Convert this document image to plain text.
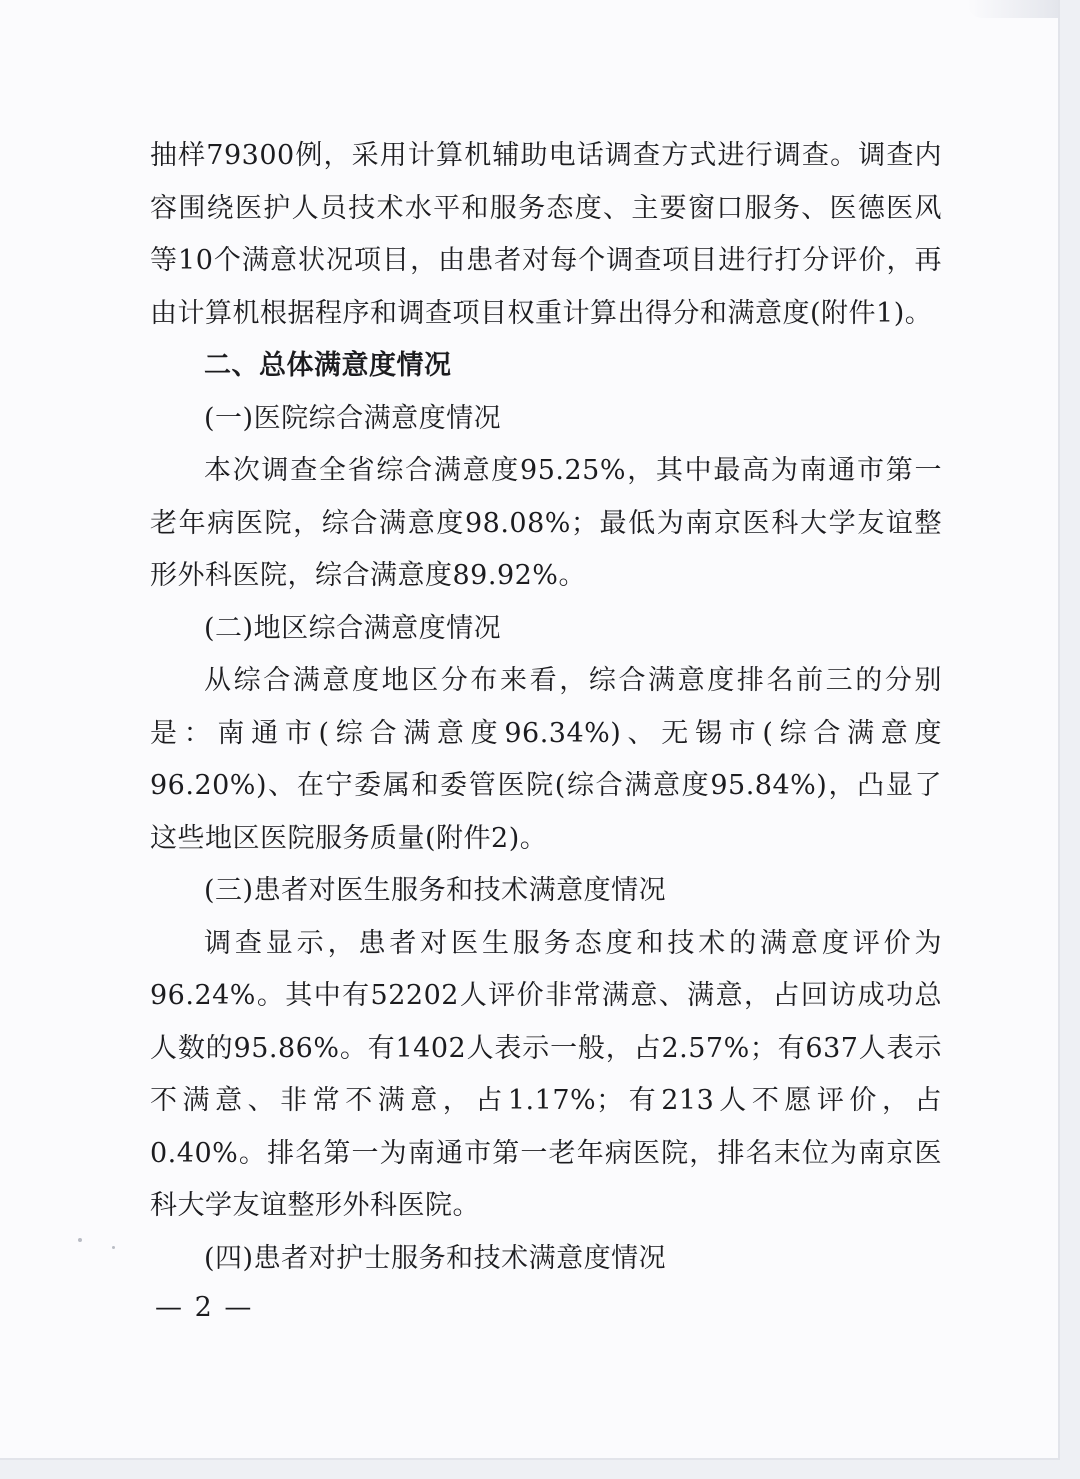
抽样79300例，采用计算机辅助电话调查方式进行调查。调查内容围绕医护人员技术水平和服务态度、主要窗口服务、医德医风等10个满意状况项目，由患者对每个调查项目进行打分评价，再由计算机根据程序和调查项目权重计算出得分和满意度(附件1)。

二、总体满意度情况

(一)医院综合满意度情况

本次调查全省综合满意度95.25%，其中最高为南通市第一老年病医院，综合满意度98.08%；最低为南京医科大学友谊整形外科医院，综合满意度89.92%。

(二)地区综合满意度情况

从综合满意度地区分布来看，综合满意度排名前三的分别是：南通市(综合满意度96.34%)、无锡市(综合满意度96.20%)、在宁委属和委管医院(综合满意度95.84%)，凸显了这些地区医院服务质量(附件2)。

(三)患者对医生服务和技术满意度情况

调查显示，患者对医生服务态度和技术的满意度评价为96.24%。其中有52202人评价非常满意、满意，占回访成功总人数的95.86%。有1402人表示一般，占2.57%；有637人表示不满意、非常不满意，占1.17%；有213人不愿评价，占0.40%。排名第一为南通市第一老年病医院，排名末位为南京医科大学友谊整形外科医院。

(四)患者对护士服务和技术满意度情况

— 2 —
